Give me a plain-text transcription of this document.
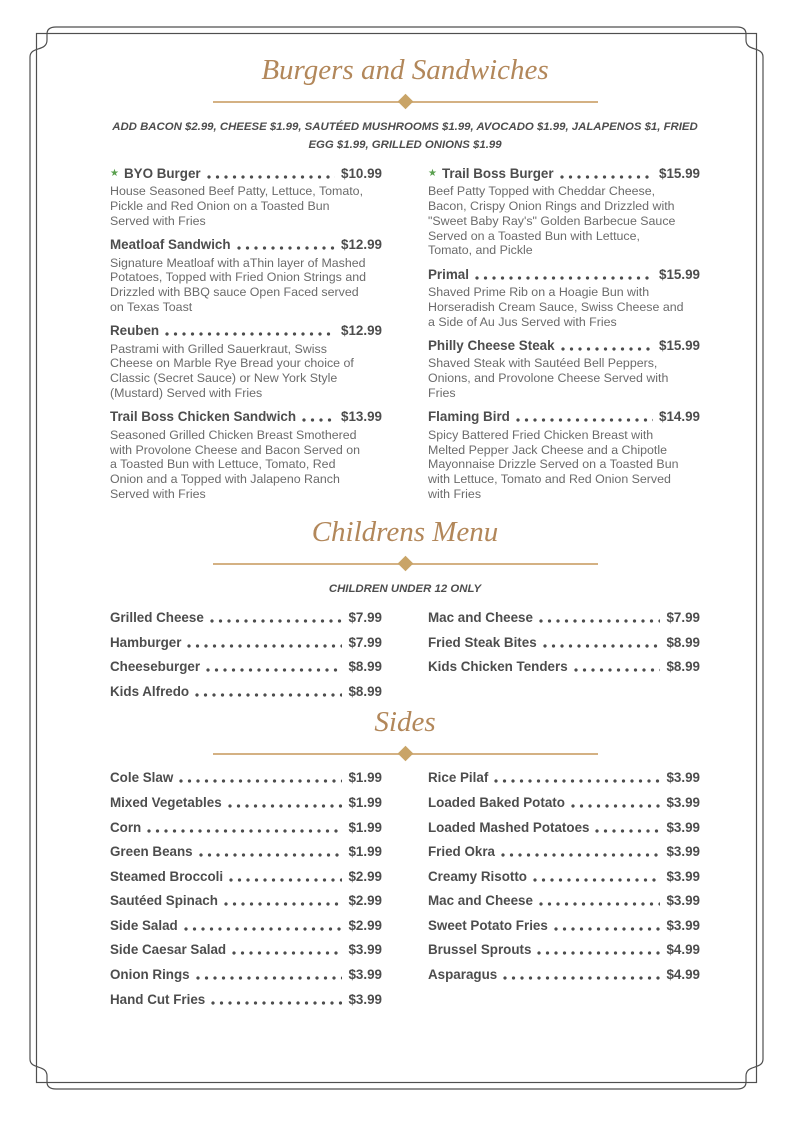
Burgers and Sandwiches

ADD BACON $2.99, CHEESE $1.99, SAUTÉED MUSHROOMS $1.99, AVOCADO $1.99, JALAPENOS $1, FRIED EGG $1.99, GRILLED ONIONS $1.99

★ BYO Burger	$10.99

House Seasoned Beef Patty, Lettuce, Tomato, Pickle and Red Onion on a Toasted Bun Served with Fries

Meatloaf Sandwich	$12.99

Signature Meatloaf with aThin layer of Mashed Potatoes, Topped with Fried Onion Strings and Drizzled with BBQ sauce Open Faced served on Texas Toast

Reuben	$12.99

Pastrami with Grilled Sauerkraut, Swiss Cheese on Marble Rye Bread your choice of Classic (Secret Sauce) or New York Style (Mustard) Served with Fries

Trail Boss Chicken Sandwich	$13.99

Seasoned Grilled Chicken Breast Smothered with Provolone Cheese and Bacon Served on a Toasted Bun with Lettuce, Tomato, Red Onion and a Topped with Jalapeno Ranch Served with Fries

★ Trail Boss Burger	$15.99

Beef Patty Topped with Cheddar Cheese, Bacon, Crispy Onion Rings and Drizzled with "Sweet Baby Ray's" Golden Barbecue Sauce Served on a Toasted Bun with Lettuce, Tomato, and Pickle

Primal	$15.99

Shaved Prime Rib on a Hoagie Bun with Horseradish Cream Sauce, Swiss Cheese and a Side of Au Jus Served with Fries

Philly Cheese Steak	$15.99

Shaved Steak with Sautéed Bell Peppers, Onions, and Provolone Cheese Served with Fries

Flaming Bird	$14.99

Spicy Battered Fried Chicken Breast with Melted Pepper Jack Cheese and a Chipotle Mayonnaise Drizzle Served on a Toasted Bun with Lettuce, Tomato and Red Onion Served with Fries

Childrens Menu

CHILDREN UNDER 12 ONLY

Grilled Cheese	$7.99
Hamburger	$7.99
Cheeseburger	$8.99
Kids Alfredo	$8.99
Mac and Cheese	$7.99
Fried Steak Bites	$8.99
Kids Chicken Tenders	$8.99
Sides
Cole Slaw	$1.99
Mixed Vegetables	$1.99
Corn	$1.99
Green Beans	$1.99
Steamed Broccoli	$2.99
Sautéed Spinach	$2.99
Side Salad	$2.99
Side Caesar Salad	$3.99
Onion Rings	$3.99
Hand Cut Fries	$3.99
Rice Pilaf	$3.99
Loaded Baked Potato	$3.99
Loaded Mashed Potatoes	$3.99
Fried Okra	$3.99
Creamy Risotto	$3.99
Mac and Cheese	$3.99
Sweet Potato Fries	$3.99
Brussel Sprouts	$4.99
Asparagus	$4.99
